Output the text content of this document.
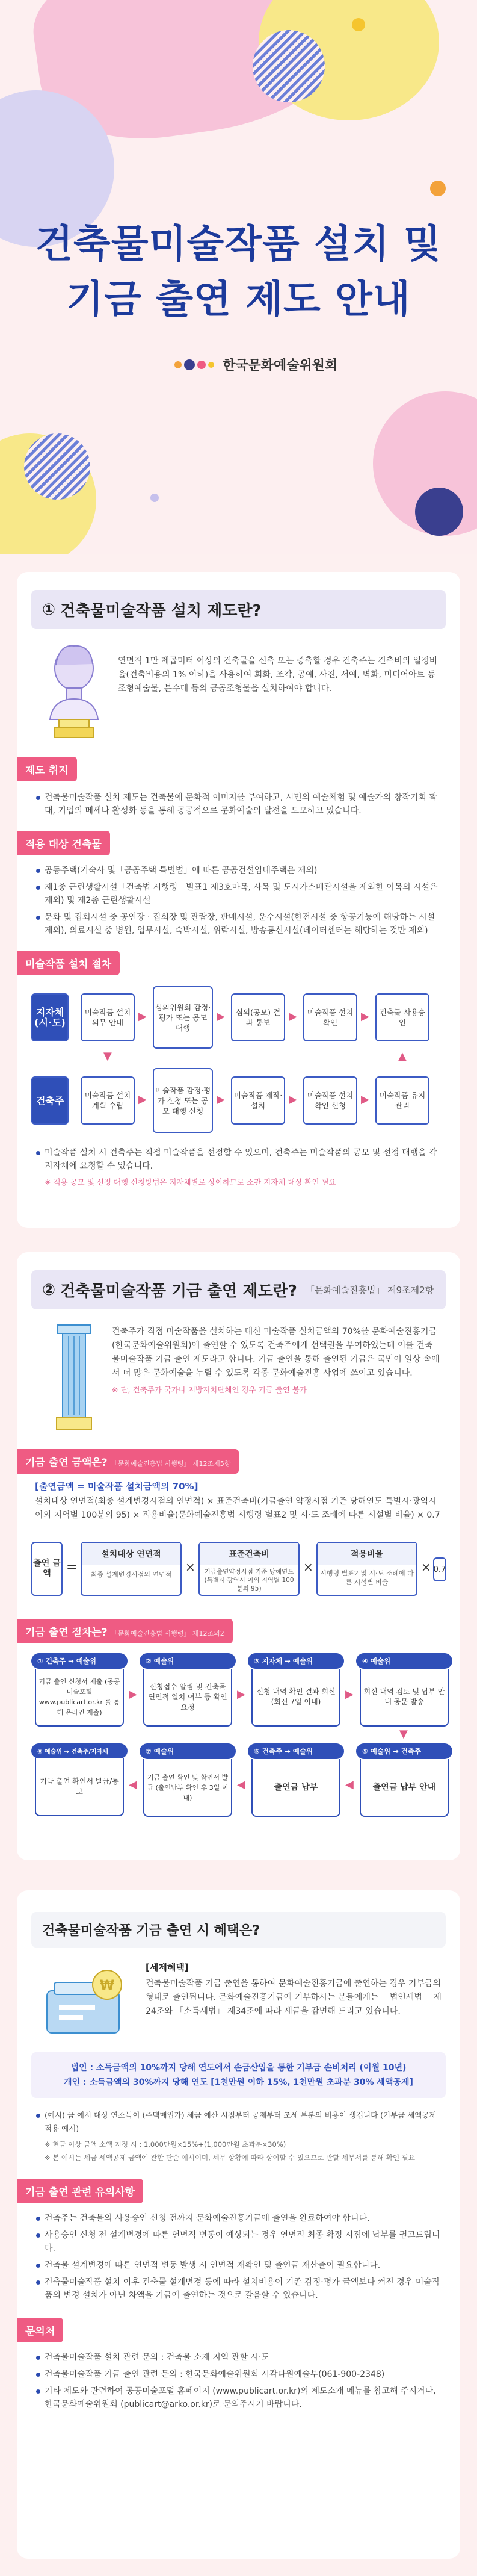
건축물미술작품 설치 및
기금 출연 제도 안내
한국문화예술위원회
① 건축물미술작품 설치 제도란?

연면적 1만 제곱미터 이상의 건축물을 신축 또는 증축할 경우 건축주는 건축비의 일정비율(건축비용의 1% 이하)을 사용하여 회화, 조각, 공예, 사진, 서예, 벽화, 미디어아트 등 조형예술물, 분수대 등의 공공조형물을 설치하여야 합니다.

제도 취지
건축물미술작품 설치 제도는 건축물에 문화적 이미지를 부여하고, 시민의 예술체험 및 예술가의 창작기회 확대, 기업의 메세나 활성화 등을 통해 공공적으로 문화예술의 발전을 도모하고 있습니다.
적용 대상 건축물
공동주택(기숙사 및「공공주택 특별법」에 따른 공공건설임대주택은 제외)
제1종 근린생활시설「건축법 시행령」별표1 제3호마목, 사목 및 도시가스배관시설을 제외한 이목의 시설은 제외) 및 제2종 근린생활시설
문화 및 집회시설 중 공연장 · 집회장 및 관람장, 판매시설, 운수시설(한전시설 중 항공기능에 해당하는 시설 제외), 의료시설 중 병원, 업무시설, 숙박시설, 위락시설, 방송통신시설(데이터센터는 해당하는 것만 제외)
미술작품 설치 절차
지자체 (시·도)
건축주
미술작품 설치 의무 안내
심의위원회 감정·평가 또는 공모 대행
심의(공모) 결과 통보
미술작품 설치 확인
건축물 사용승인
미술작품 설치계획 수립
미술작품 감정·평가 신청 또는 공모 대행 신청
미술작품 제작·설치
미술작품 설치 확인 신청
미술작품 유지 관리
▶	▶	▶	▶
▶	▶	▶	▶
▼	▲
미술작품 설치 시 건축주는 직접 미술작품을 선정할 수 있으며, 건축주는 미술작품의 공모 및 선정 대행을 각 지자체에 요청할 수 있습니다.
※ 적용 공모 및 선정 대행 신청방법은 지자체별로 상이하므로 소관 지자체 대상 확인 필요
② 건축물미술작품 기금 출연 제도란? 「문화예술진흥법」 제9조제2항

건축주가 직접 미술작품을 설치하는 대신 미술작품 설치금액의 70%를 문화예술진흥기금(한국문화예술위원회)에 출연할 수 있도록 건축주에게 선택권을 부여하였는데 이를 건축물미술작품 기금 출연 제도라고 합니다. 기금 출연을 통해 출연된 기금은 국민이 일상 속에서 더 많은 문화예술을 누릴 수 있도록 각종 문화예술진흥 사업에 쓰이고 있습니다.

※ 단, 건축주가 국가나 지방자치단체인 경우 기금 출연 불가
기금 출연 금액은? 「문화예술진흥법 시행령」 제12조제5항
[출연금액 = 미술작품 설치금액의 70%]

설치대상 연면적(최종 설계변경시점의 연면적) × 표준건축비(기금출연 약정시점 기준 당해연도 특별시·광역시 이외 지역별 100분의 95) × 적용비율(문화예술진흥법 시행령 별표2 및 시·도 조례에 따른 시설별 비율) × 0.7

출연 금액	=
설치대상 연면적
최종 설계변경시점의 연면적
×
표준건축비
기금출연약정시점 기준 당해연도 (특별시·광역시 이외 지역별 100분의 95)
×
적용비율
시행령 별표2 및 시·도 조례에 따른 시설별 비율
× 0.7
기금 출연 절차는? 「문화예술진흥법 시행령」 제12조의2
① 건축주 → 예술위
기금 출연 신청서 제출 (공공미술포털 www.publicart.or.kr 를 통해 온라인 제출)
② 예술위
신청접수 알림 및 건축물 연면적 일치 여부 등 확인 요청
③ 지자체 → 예술위
신청 내역 확인 결과 회신 (회신 7일 이내)
④ 예술위
회신 내역 검토 및 납부 안내 공문 발송
⑧ 예술위 → 건축주/지자체
기금 출연 확인서 발급/통보
⑦ 예술위
기금 출연 확인 및 확인서 발급 (출연납부 확인 후 3일 이내)
⑥ 건축주 → 예술위
출연금 납부
⑤ 예술위 → 건축주
출연금 납부 안내
▶	▶	▶
▼
◀
◀
◀
건축물미술작품 기금 출연 시 혜택은?
₩
[세제혜택]

건축물미술작품 기금 출연을 통하여 문화예술진흥기금에 출연하는 경우 기부금의 형태로 출연됩니다. 문화예술진흥기금에 기부하시는 분들에게는 「법인세법」 제24조와 「소득세법」 제34조에 따라 세금을 감면해 드리고 있습니다.

법인 : 소득금액의 10%까지 당해 연도에서 손금산입을 통한 기부금 손비처리 (이월 10년)
개인 : 소득금액의 30%까지 당해 연도 [1천만원 이하 15%, 1천만원 초과분 30% 세액공제]
(예시) 금 예시 대상 연소득이 (주택매입가) 세금 예산 시점부터 공제부터 조세 부분의 비용이 생깁니다 (기부금 세액공제 적용 예시)
※ 현금 이상 금액 소액 지정 시 : 1,000만원×15%+(1,000만원 초과분×30%)
※ 본 예시는 세금 세액공제 금액에 관한 단순 예시이며, 세무 상황에 따라 상이할 수 있으므로 관할 세무서를 통해 확인 필요
기금 출연 관련 유의사항
건축주는 건축물의 사용승인 신청 전까지 문화예술진흥기금에 출연을 완료하여야 합니다.
사용승인 신청 전 설계변경에 따른 연면적 변동이 예상되는 경우 연면적 최종 확정 시점에 납부를 권고드립니다.
건축물 설계변경에 따른 연면적 변동 발생 시 연면적 재확인 및 출연금 재산출이 필요합니다.
건축물미술작품 설치 이후 건축물 설계변경 등에 따라 설치비용이 기존 감정·평가 금액보다 커진 경우 미술작품의 변경 설치가 아닌 차액을 기금에 출연하는 것으로 갈음할 수 있습니다.
문의처
건축물미술작품 설치 관련 문의 : 건축물 소재 지역 관할 시·도
건축물미술작품 기금 출연 관련 문의 : 한국문화예술위원회 시각다원예술부(061-900-2348)
기타 제도와 관련하여 공공미술포털 홈페이지 (www.publicart.or.kr)의 제도소개 메뉴를 참고해 주시거나, 한국문화예술위원회 (publicart@arko.or.kr)로 문의주시기 바랍니다.
